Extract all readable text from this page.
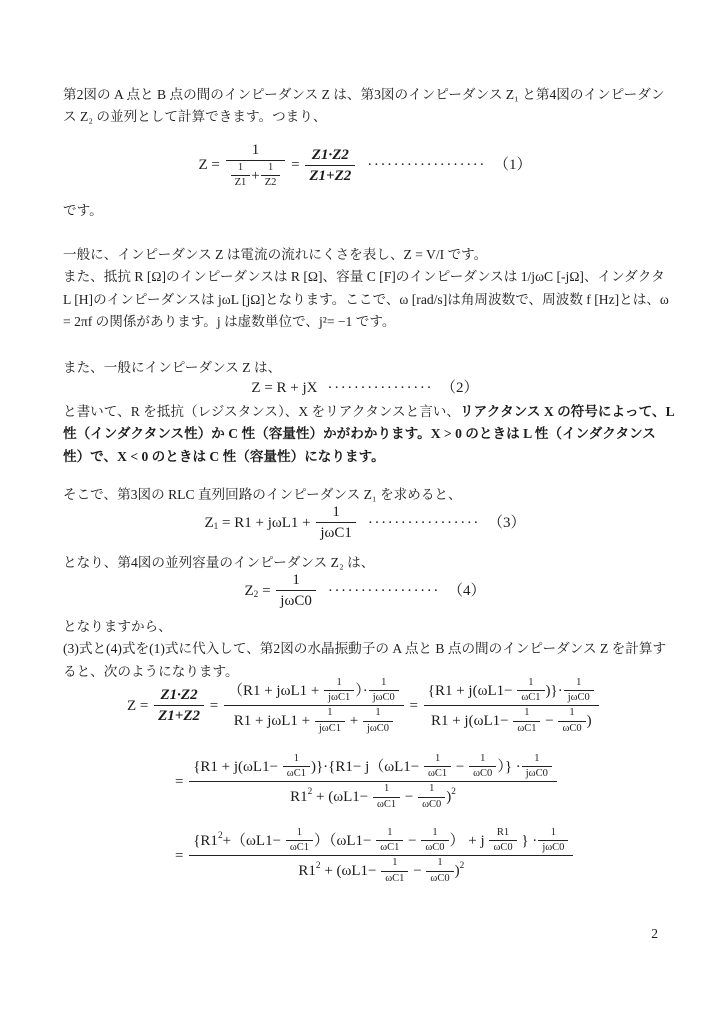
第2図の A 点と B 点の間のインピーダンス Z は、第3図のインピーダンス Z₁ と第4図のインピーダン
ス Z₂ の並列として計算できます。つまり、
$Z = \frac{1}{\frac{1}{Z1} + \frac{1}{Z2}} = \frac{Z1\cdot Z2}{Z1+Z2}$ ·················· （1）
です。
一般に、インピーダンス Z は電流の流れにくさを表し、Z = V/I です。
また、抵抗 R [Ω]のインピーダンスは R [Ω]、容量 C [F]のインピーダンスは 1/jωC [-jΩ]、インダクタ
L [H]のインピーダンスは jωL [jΩ]となります。ここで、ω [rad/s]は角周波数で、周波数 f [Hz]とは、ω
= 2πf の関係があります。j は虚数単位で、j²= −1 です。
また、一般にインピーダンス Z は、
Z = R + jX ················ （2）
と書いて、R を抵抗（レジスタンス）、X をリアクタンスと言い、リアクタンス X の符号によって、L
性（インダクタンス性）か C 性（容量性）かがわかります。X > 0 のときは L 性（インダクタンス
性）で、X < 0 のときは C 性（容量性）になります。
そこで、第3図の RLC 直列回路のインピーダンス Z₁ を求めると、
$Z_1 = R1 + j\omega L1 + \frac{1}{\text{jωC1}}$ ················· （3）
となり、第4図の並列容量のインピーダンス Z₂ は、
$Z_2 = \frac{1}{\text{jωC0}}$ ················· （4）
となりますから、
(3)式と(4)式を(1)式に代入して、第2図の水晶振動子の A 点と B 点の間のインピーダンス Z を計算す
ると、次のようになります。
$Z = \frac{Z1\cdot Z2}{Z1+Z2} = \frac{(R1 + j\omega L1 + \frac{1}{\text{jωC1}} )\cdot \frac{1}{\text{jωC0}}}{R1 + j\omega L1 + \frac{1}{\text{jωC1}} + \frac{1}{\text{jωC0}}} = \frac{\{R1 + j(\omega L1- \frac{1}{\omega C1} )\}\cdot \frac{1}{\text{jωC0}}}{R1 + j(\omega L1- \frac{1}{\omega C1} - \frac{1}{\omega C0} )}$
= $\frac{\{R1 + j(\omega L1- \frac{1}{\omega C1} )\}\cdot\{R1- j(\omega L1- \frac{1}{\omega C1} - \frac{1}{\omega C0} )\} \cdot \frac{1}{\text{jωC0}}}{R1^2 + (\omega L1- \frac{1}{\omega C1} - \frac{1}{\omega C0} )^2}$
= $\frac{\{R1^2 +(\omega L1- \frac{1}{\omega C1} )(\omega L1- \frac{1}{\omega C1} - \frac{1}{\omega C0} ) + j \frac{R1}{\omega C0} \} \cdot \frac{1}{\text{jωC0}}}{R1^2 + (\omega L1- \frac{1}{\omega C1} - \frac{1}{\omega C0} )^2}$
2
